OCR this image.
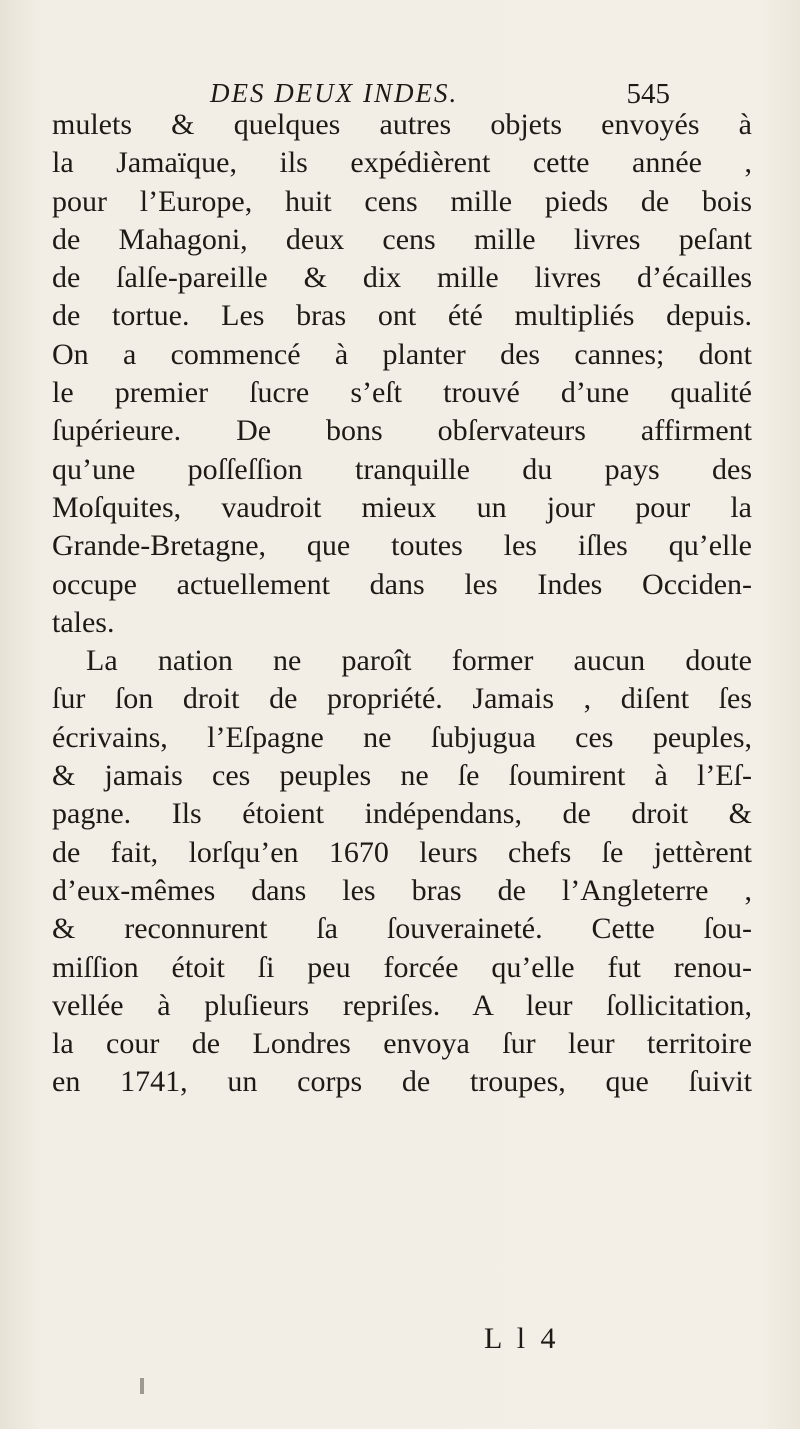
DES DEUX INDES.	545
mulets & quelques autres objets envoyés à
la Jamaïque, ils expédièrent cette année ,
pour l’Europe, huit cens mille pieds de bois
de Mahagoni, deux cens mille livres peſant
de ſalſe-pareille & dix mille livres d’écailles
de tortue. Les bras ont été multipliés depuis.
On a commencé à planter des cannes; dont
le premier ſucre s’eſt trouvé d’une qualité
ſupérieure. De bons obſervateurs affirment
qu’une poſſeſſion tranquille du pays des
Moſquites, vaudroit mieux un jour pour la
Grande-Bretagne, que toutes les iſles qu’elle
occupe actuellement dans les Indes Occiden-
tales.
La nation ne paroît former aucun doute
ſur ſon droit de propriété. Jamais , diſent ſes
écrivains, l’Eſpagne ne ſubjugua ces peuples,
& jamais ces peuples ne ſe ſoumirent à l’Eſ-
pagne. Ils étoient indépendans, de droit &
de fait, lorſqu’en 1670 leurs chefs ſe jettèrent
d’eux-mêmes dans les bras de l’Angleterre ,
& reconnurent ſa ſouveraineté. Cette ſou-
miſſion étoit ſi peu forcée qu’elle fut renou-
vellée à pluſieurs repriſes. A leur ſollicitation,
la cour de Londres envoya ſur leur territoire
en 1741, un corps de troupes, que ſuivit
L l 4
